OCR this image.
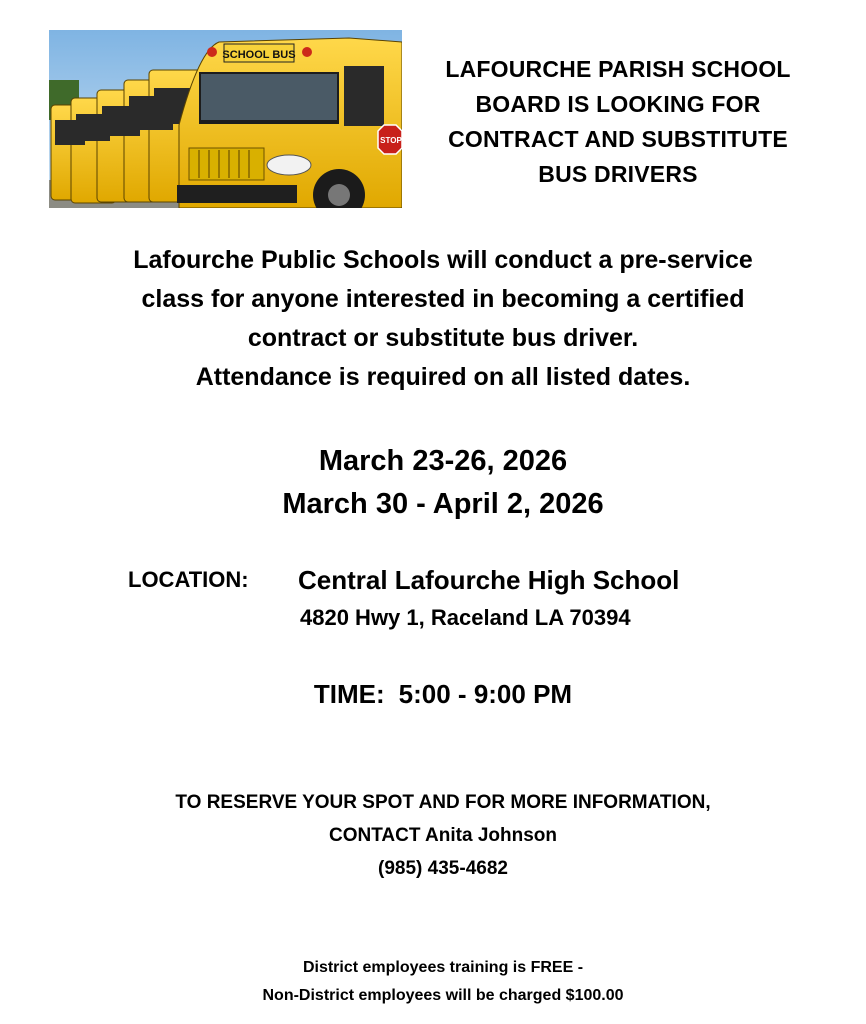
SCHOOL BUS
STOP
LAFOURCHE PARISH SCHOOL
BOARD IS LOOKING FOR
CONTRACT AND SUBSTITUTE
BUS DRIVERS
Lafourche Public Schools will conduct a pre-service
class for anyone interested in becoming a certified
contract or substitute bus driver.
Attendance is required on all listed dates.
March 23-26, 2026
March 30 - April 2, 2026
LOCATION: Central Lafourche High School
4820 Hwy 1, Raceland LA 70394
TIME: 5:00 - 9:00 PM
TO RESERVE YOUR SPOT AND FOR MORE INFORMATION,
CONTACT Anita Johnson
(985) 435-4682
District employees training is FREE -
Non-District employees will be charged $100.00
